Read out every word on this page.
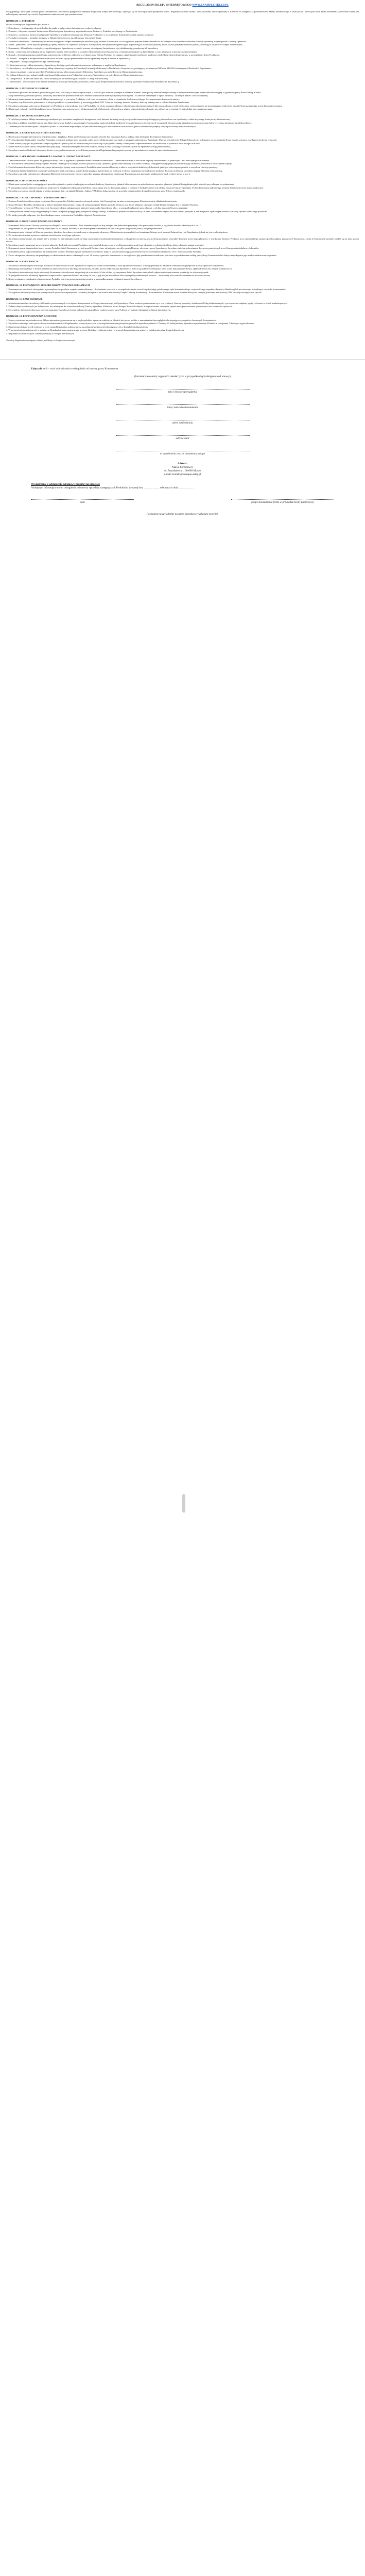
REGULAMIN SKLEPU INTERNETOWEGO WWW.EXAMPLE-SKLEP.PL
Uwzględniając obowiązek ochrony praw konsumentów, Sprzedawca przygotował niniejszy Regulamin sklepu internetowego, opierając się na obowiązujących przepisach prawa. Regulamin określa zasady i tryb zawierania umów sprzedaży z Klientem na odległość za pośrednictwem Sklepu internetowego, a także prawa i obowiązki stron. Przed złożeniem Zamówienia Klient jest zobowiązany zapoznać się z treścią Regulaminu i zaakceptować jego postanowienia.
ROZDZIAŁ 1. DEFINICJE
Ilekroć w niniejszym Regulaminie jest mowa o:
1. Dni robocze – dni tygodnia od poniedziałku do piątku z wyłączeniem dni ustawowo wolnych od pracy.
2. Dostawa – faktyczna czynność dostarczenia Klientowi przez Sprzedawcę, za pośrednictwem Dostawcy, Produktu określonego w Zamówieniu.
3. Dostawca – podmiot, z którym współpracuje Sprzedawca w zakresie dokonywania Dostawy Produktów, w szczególności firma kurierska lub operator pocztowy.
4. Formularz rejestracji – formularz dostępny w Sklepie internetowym, umożliwiający utworzenie Konta.
5. Formularz zamówienia – interaktywny formularz dostępny w Sklepie internetowym umożliwiający złożenie Zamówienia, w szczególności poprzez dodanie Produktów do Koszyka oraz określenie warunków Umowy sprzedaży, w tym sposobu Dostawy i płatności.
6. Klient – pełnoletnia osoba fizyczna posiadająca pełną zdolność do czynności prawnych, osoba prawna albo jednostka organizacyjna nieposiadająca osobowości prawnej, której ustawa przyznaje zdolność prawną, dokonująca zakupów w Sklepie internetowym.
7. Konsument – Klient będący osobą fizyczną dokonującą ze Sprzedawcą czynności prawnej niezwiązanej bezpośrednio z jej działalnością gospodarczą lub zawodową.
8. Konto – oznaczony indywidualną nazwą (loginem) i hasłem, zbiór zasobów w systemie teleinformatycznym Sprzedawcy, w którym gromadzone są dane Klienta, w tym informacje o złożonych Zamówieniach.
9. Koszyk – element oprogramowania Sklepu internetowego, w którym widoczne są wybrane przez Klienta Produkty do zakupu, a także istnieje możliwość ustalenia i modyfikacji danych Zamówienia, w szczególności ilości Produktów.
10. Produkt – dostępna w Sklepie internetowym rzecz ruchoma będąca przedmiotem Umowy sprzedaży między Klientem a Sprzedawcą.
11. Regulamin – niniejszy regulamin Sklepu internetowego.
12. Sklep internetowy – sklep internetowy Sprzedawcy działający pod adresem internetowym wskazanym w nagłówku Regulaminu.
13. Sprzedawca – przedsiębiorca prowadzący Sklep internetowy, wpisany do Centralnej Ewidencji i Informacji o Działalności Gospodarczej, posługujący się numerem NIP oraz REGON wskazanym w Rozdziale 2 Regulaminu.
14. Umowa sprzedaży – umowa sprzedaży Produktu zawierana albo zawarta między Klientem a Sprzedawcą za pośrednictwem Sklepu internetowego.
15. Usługa elektroniczna – usługa świadczona drogą elektroniczną przez Usługodawcę na rzecz Usługobiorcy za pośrednictwem Sklepu internetowego.
16. Usługobiorca – Klient lub każda inna osoba korzystająca lub zamierzająca korzystać z Usługi elektronicznej.
17. Zamówienie – oświadczenie woli Klienta składane za pomocą Formularza zamówienia, zmierzające bezpośrednio do zawarcia Umowy sprzedaży Produktu lub Produktów ze Sprzedawcą.
ROZDZIAŁ 2. INFORMACJE OGÓLNE
1. Sprzedawca prowadzi działalność gospodarczą pod firmą wskazaną w danych rejestrowych, z siedzibą pod adresem podanym w zakładce Kontakt, adres poczty elektronicznej wskazany w Sklepie internetowym, numer telefonu dostępny w godzinach pracy Biura Obsługi Klienta.
2. Sklep internetowy prowadzi sprzedaż detaliczną Produktów za pośrednictwem sieci Internet na terytorium Rzeczypospolitej Polskiej oraz – w zakresie wskazanym w opisie Dostawy – do innych państw Unii Europejskiej.
3. Informacje zamieszczone na stronach Sklepu internetowego, w tym opisy Produktów i ich ceny, nie stanowią oferty w rozumieniu Kodeksu cywilnego, lecz zaproszenie do zawarcia umowy.
4. Wszystkie ceny Produktów podawane są w złotych polskich i są cenami brutto, tj. zawierają podatek VAT. Ceny nie obejmują kosztów Dostawy, które są wskazywane w trakcie składania Zamówienia.
5. Sprzedawca zastrzega sobie prawo do zmiany cen Produktów, wprowadzania nowych Produktów do oferty, przeprowadzania i odwoływania akcji promocyjnych lub wprowadzania w nich zmian, przy czym zmiany te nie naruszają praw osób, które zawarły Umowę sprzedaży przed dokonaniem zmiany.
6. Klient może w każdej chwili kontaktować się ze Sprzedawcą za pomocą poczty elektronicznej lub telefonicznie, a Sprzedawca udziela odpowiedzi niezwłocznie, nie później niż w terminie 14 dni od dnia otrzymania zapytania.
ROZDZIAŁ 3. WARUNKI TECHNICZNE
1. W celu korzystania ze Sklepu internetowego niezbędne jest posiadanie urządzenia z dostępem do sieci Internet, aktualnej wersji przeglądarki internetowej obsługującej pliki cookies oraz JavaScript, a także aktywnego konta poczty elektronicznej.
2. Sprzedawca dokłada wszelkich starań, aby Sklep internetowy działał w sposób ciągły i bezawaryjny, zastrzega jednak możliwość wystąpienia przerw technicznych związanych z konserwacją, aktualizacją oprogramowania lub przyczynami niezależnymi od Sprzedawcy.
3. Zakazane jest dostarczanie przez Usługobiorcę treści o charakterze bezprawnym, w tym treści naruszających dobra osobiste osób trzecich, prawa autorskie lub przepisy dotyczące ochrony danych osobowych.
ROZDZIAŁ 4. REJESTRACJA I KONTO KLIENTA
1. Rejestracja w Sklepie internetowym jest dobrowolna i bezpłatna. Klient może dokonywać zakupów również bez zakładania Konta, podając dane niezbędne do realizacji Zamówienia.
2. W celu założenia Konta należy wypełnić Formularz rejestracji, podając imię, nazwisko, adres poczty elektronicznej oraz hasło, a następnie zaakceptować Regulamin. Umowa o świadczenie Usługi elektronicznej polegającej na prowadzeniu Konta zostaje zawarta z chwilą potwierdzenia rejestracji.
3. Klient zobowiązany jest do podawania danych zgodnych z prawdą oraz do niezwłocznej ich aktualizacji w przypadku zmiany. Klient ponosi odpowiedzialność za zachowanie w poufności hasła dostępu do Konta.
4. Klient może w każdym czasie, bez podawania przyczyny i bez ponoszenia jakichkolwiek kosztów, usunąć Konto, wysyłając stosowne żądanie do Sprzedawcy drogą elektroniczną.
5. Sprzedawca może zablokować lub usunąć Konto w przypadku naruszenia przez Klienta postanowień Regulaminu lub przepisów prawa, po uprzednim wezwaniu do zaprzestania naruszeń.
ROZDZIAŁ 5. SKŁADANIE ZAMÓWIEŃ I ZAWARCIE UMOWY SPRZEDAŻY
1. Zamówienia można składać przez 24 godziny na dobę, 7 dni w tygodnia za pośrednictwem Formularza zamówienia. Zamówienia złożone w dni wolne od pracy realizowane są w pierwszym Dniu roboczym po ich złożeniu.
2. W celu złożenia Zamówienia należy: wybrać Produkt i dodać go do Koszyka, wybrać sposób Dostawy i płatności, podać dane odbiorcy oraz adres Dostawy, a następnie kliknąć przycisk potwierdzający złożenie Zamówienia z obowiązkiem zapłaty.
3. Przed złożeniem Zamówienia Klient otrzymuje informację o łącznej cenie wybranych Produktów oraz kosztach Dostawy, a także o wszystkich dodatkowych kosztach, jakie jest zobowiązany ponieść w związku z Umową sprzedaży.
4. Po złożeniu Zamówienia Klient otrzymuje wiadomość e-mail zawierającą potwierdzenie przyjęcia Zamówienia do realizacji. Z chwilą otrzymania tej wiadomości dochodzi do zawarcia Umowy sprzedaży między Klientem a Sprzedawcą.
5. Sprzedawca utrwala, zabezpiecza i udostępnia Klientowi treść zawieranej Umowy sprzedaży poprzez udostępnienie niniejszego Regulaminu oraz przesłanie wiadomości e-mail, o której mowa w ust. 4.
ROZDZIAŁ 6. SPOSOBY PŁATNOŚCI
1. Klient może wybrać jeden z następujących sposobów płatności: przelew tradycyjny na rachunek bankowy Sprzedawcy, płatność elektroniczną za pośrednictwem operatora płatności, płatność kartą płatniczą lub płatność przy odbiorze (za pobraniem).
2. W przypadku wyboru płatności przelewem tradycyjnym lub płatności elektronicznej Klient zobowiązany jest do dokonania zapłaty w terminie 7 dni kalendarzowych od dnia zawarcia Umowy sprzedaży. Po bezskutecznym upływie tego terminu Zamówienie może zostać anulowane.
3. Sprzedawca wystawia dowód zakupu w postaci paragonu lub – na żądanie Klienta – faktury VAT, który dołączany jest do przesyłki lub przesyłany drogą elektroniczną, na co Klient wyraża zgodę.
ROZDZIAŁ 7. KOSZT, SPOSOBY I TERMIN DOSTAWY
1. Dostawa Produktów odbywa się na terytorium Rzeczypospolitej Polskiej oraz do wybranych państw Unii Europejskiej, na adres wskazany przez Klienta w trakcie składania Zamówienia.
2. Koszty Dostawy Produktu określane są w trakcie składania Zamówienia i zależą od wybranego przez Klienta sposobu Dostawy oraz formy płatności. Aktualny cennik Dostaw dostępny jest w zakładce Dostawa.
3. Termin Dostawy wynosi do 7 Dni roboczych, liczonych od dnia zaksięgowania płatności na rachunku Sprzedawcy albo – w przypadku płatności przy odbiorze – od dnia zawarcia Umowy sprzedaży.
4. Klient powinien zbadać doręczoną przesyłkę w czasie i w sposób przyjęty przy przesyłkach danego rodzaju, w obecności przedstawiciela Dostawcy. W razie stwierdzenia ubytku lub uszkodzenia przesyłki Klient ma prawo żądać od pracownika Dostawcy spisania właściwego protokołu.
5. Do każdej przesyłki dołączany jest dowód zakupu wraz z zestawieniem Produktów objętych Zamówieniem.
ROZDZIAŁ 8. PRAWO ODSTĄPIENIA OD UMOWY
1. Konsument, który zawarł Umowę sprzedaży na odległość, może w terminie 14 dni kalendarzowych od niej odstąpić bez podawania przyczyny i bez ponoszenia kosztów, z wyjątkiem kosztów określonych w ust. 7.
2. Bieg terminu do odstąpienia od umowy rozpoczyna się od objęcia Produktu w posiadanie przez Konsumenta lub wskazaną przez niego osobę trzecią inną niż przewoźnik.
3. Konsument może odstąpić od Umowy sprzedaży, składając Sprzedawcy oświadczenie o odstąpieniu od umowy. Oświadczenie można złożyć na formularzu, którego wzór stanowi Załącznik nr 1 do Regulaminu, jednak nie jest to obowiązkowe.
4. Do zachowania terminu wystarczy wysłanie oświadczenia przed jego upływem.
5. Sprzedawca niezwłocznie, nie później niż w terminie 14 dni kalendarzowych od dnia otrzymania oświadczenia Konsumenta o odstąpieniu od umowy, zwraca Konsumentowi wszystkie dokonane przez niego płatności, w tym koszty Dostawy Produktu, przy użyciu takiego samego sposobu zapłaty, jakiego użył Konsument, chyba że Konsument wyraźnie zgodził się na inny sposób zwrotu.
6. Sprzedawca może wstrzymać się ze zwrotem płatności do chwili otrzymania Produktu z powrotem lub dostarczenia przez Konsumenta dowodu jego odesłania, w zależności od tego, które zdarzenie nastąpi wcześniej.
7. Konsument ponosi bezpośrednie koszty zwrotu Produktu. Jeżeli Konsument wybrał sposób Dostawy inny niż najtańszy zwykły sposób Dostawy oferowany przez Sprzedawcę, Sprzedawca nie jest zobowiązany do zwrotu poniesionych przez Konsumenta dodatkowych kosztów.
8. Konsument ponosi odpowiedzialność za zmniejszenie wartości Produktu będące wynikiem korzystania z niego w sposób wykraczający poza konieczny do stwierdzenia charakteru, cech i funkcjonowania Produktu.
9. Prawo odstąpienia od umowy nie przysługuje w odniesieniu do umów wskazanych w art. 38 ustawy o prawach konsumenta, w szczególności gdy przedmiotem świadczenia jest rzecz wyprodukowana według specyfikacji Konsumenta lub służąca zaspokojeniu jego zindywidualizowanych potrzeb.
ROZDZIAŁ 9. REKLAMACJE
1. Sprzedawca ma obowiązek dostarczyć Klientowi Produkt wolny od wad. Sprzedawca odpowiada wobec Konsumenta za brak zgodności Produktu z Umową sprzedaży na zasadach określonych w przepisach ustawy o prawach konsumenta.
2. Reklamację można złożyć w formie pisemnej na adres Sprzedawcy lub drogą elektroniczną na adres poczty elektronicznej Sprzedawcy. Zaleca się podanie w reklamacji opisu wady, daty jej stwierdzenia, żądania Klienta oraz danych kontaktowych.
3. Sprzedawca ustosunkowuje się do reklamacji Konsumenta niezwłocznie, nie później niż w terminie 14 dni od dnia jej otrzymania. Jeżeli Sprzedawca nie udzieli odpowiedzi w tym terminie, uważa się, że reklamację uznał.
4. W przypadku uznania reklamacji Sprzedawca naprawia lub wymienia Produkt na wolny od wad, a gdy nie jest to możliwe albo wymagałoby nadmiernych kosztów – obniża cenę lub zwraca Konsumentowi uiszczoną kwotę.
5. Koszty związane z odesłaniem reklamowanego Produktu oraz jego ponownym dostarczeniem w przypadku uznania reklamacji ponosi Sprzedawca.
ROZDZIAŁ 10. POZASĄDOWE SPOSOBY ROZPATRYWANIA REKLAMACJI
1. Konsument ma możliwość skorzystania z pozasądowych sposobów rozpatrywania reklamacji i dochodzenia roszczeń, w szczególności może zwrócić się do stałego polubownego sądu konsumenckiego, wojewódzkiego inspektora Inspekcji Handlowej lub powiatowego (miejskiego) rzecznika konsumentów.
2. Szczegółowe informacje dotyczące pozasądowych sposobów rozpatrywania reklamacji dostępne są na stronie internetowej Urzędu Ochrony Konkurencji i Konsumentów. Konsument może również skorzystać z unijnej platformy internetowej ODR służącej rozwiązywaniu sporów.
ROZDZIAŁ 11. DANE OSOBOWE
1. Administratorem danych osobowych Klientów przetwarzanych w związku z korzystaniem ze Sklepu internetowego jest Sprzedawca. Dane osobowe przetwarzane są w celu realizacji Umowy sprzedaży, świadczenia Usług elektronicznych, a po wyrażeniu odrębnej zgody – również w celach marketingowych.
2. Podanie danych osobowych jest dobrowolne, lecz niezbędne do zawarcia i realizacji Umowy sprzedaży. Klient ma prawo dostępu do swoich danych, ich sprostowania, usunięcia, ograniczenia przetwarzania, przenoszenia oraz wniesienia sprzeciwu.
3. Szczegółowe informacje dotyczące przetwarzania danych osobowych oraz wykorzystywania plików cookies zawarte są w Polityce prywatności dostępnej w Sklepie internetowym.
ROZDZIAŁ 12. POSTANOWIENIA KOŃCOWE
1. Umowy zawierane za pośrednictwem Sklepu internetowego zawierane są w języku polskim, a prawem właściwym dla nich jest prawo polskie, z zastrzeżeniem bezwzględnie obowiązujących przepisów chroniących Konsumentów.
2. Sprzedawca zastrzega sobie prawo do wprowadzania zmian w Regulaminie z ważnych przyczyn, w szczególności zmiany przepisów prawa lub sposobów płatności i Dostawy. O każdej zmianie Sprzedawca poinformuje Klientów z co najmniej 7-dniowym wyprzedzeniem.
3. Zamówienia złożone przed wejściem w życie zmian Regulaminu realizowane są na podstawie postanowień obowiązujących w dniu złożenia Zamówienia.
4. W sprawach nieuregulowanych w niniejszym Regulaminie mają zastosowanie przepisy Kodeksu cywilnego, ustawy o prawach konsumenta oraz ustawy o świadczeniu usług drogą elektroniczną.
5. Regulamin wchodzi w życie z dniem publikacji w Sklepie internetowym.
Niniejszy Regulamin obowiązuje od dnia publikacji w Sklepie internetowym.
Załącznik nr 1 – wzór oświadczenia o odstąpieniu od umowy przez Konsumenta
(formularz ten należy wypełnić i odesłać tylko w przypadku chęci odstąpienia od umowy)
data i miejsce sporządzenia
imię i nazwisko Konsumenta
adres zamieszkania
adres e-mail
nr zamówienia oraz nr dokumentu zakupu
Adresat:
Nazwa Sprzedawcy
ul. Przykładowa 1, 00-000 Miasto
e-mail: kontakt@example-sklep.pl
Oświadczenie o odstąpieniu od umowy zawartej na odległość
Niniejszym informuję o moim odstąpieniu od umowy sprzedaży następujących Produktów, zawartej dnia ..................... , odebranych dnia ..................... .
data	podpis Konsumenta (tylko w przypadku formy papierowej)
Formularz należy odesłać na adres Sprzedawcy wskazany powyżej.
